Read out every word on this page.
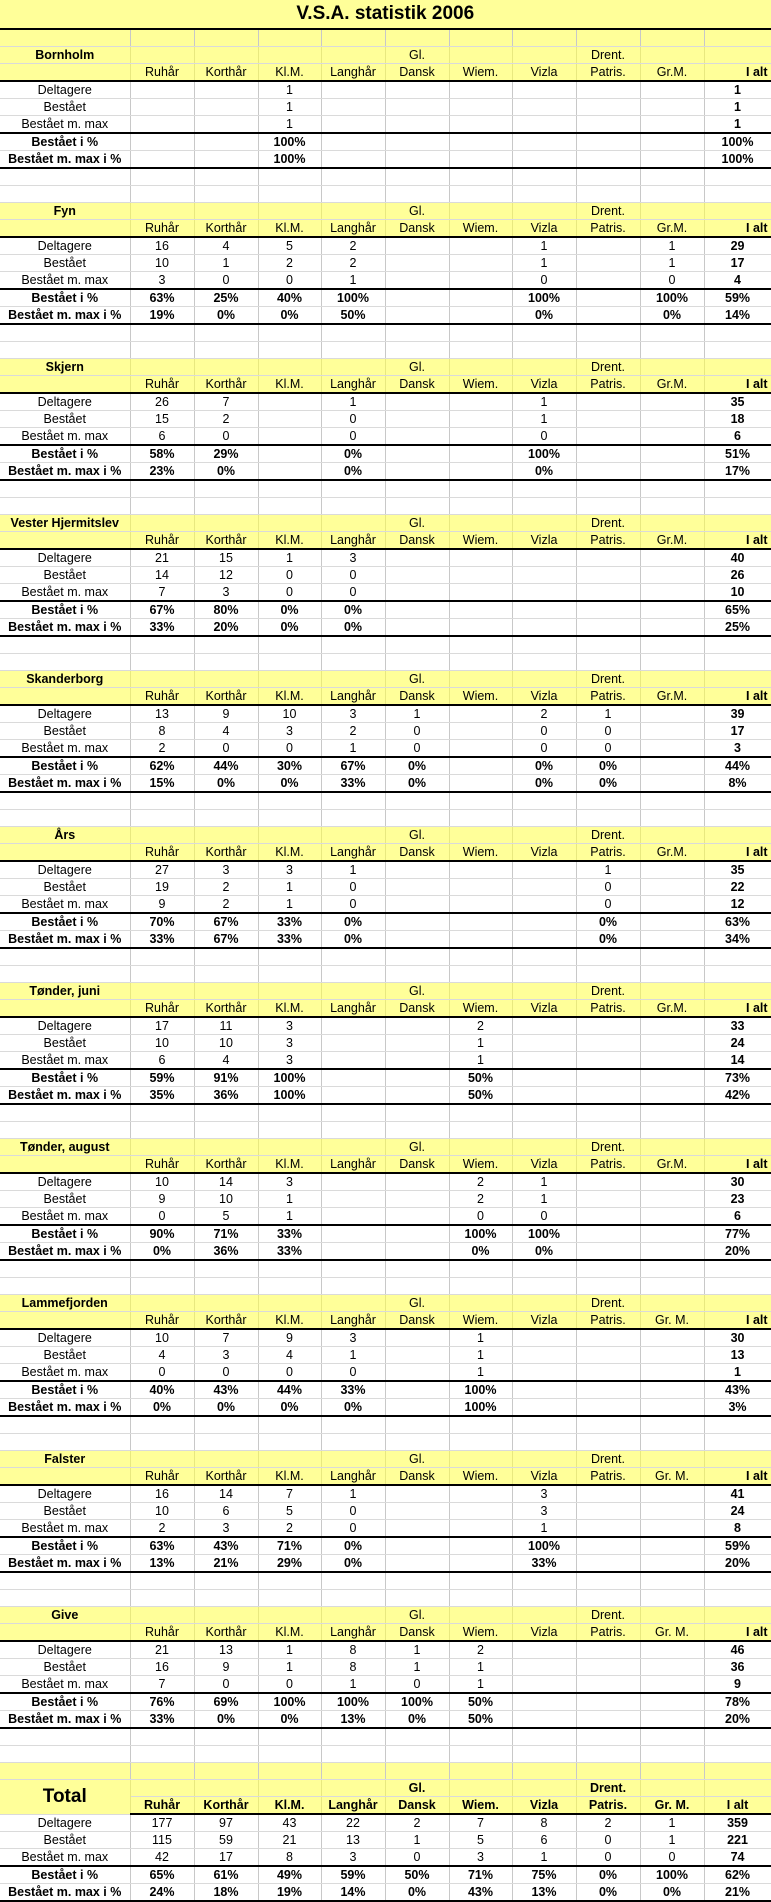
V.S.A. statistik 2006										

Bornholm					Gl.			Drent.		
	Ruhår	Korthår	Kl.M.	Langhår	Dansk	Wiem.	Vizla	Patris.	Gr.M.	I alt
Deltagere			1							1
Bestået			1							1
Bestået m. max			1							1
Bestået i %			100%							100%
Bestået m. max i %			100%							100%

Fyn					Gl.			Drent.		
	Ruhår	Korthår	Kl.M.	Langhår	Dansk	Wiem.	Vizla	Patris.	Gr.M.	I alt
Deltagere	16	4	5	2			1		1	29
Bestået	10	1	2	2			1		1	17
Bestået m. max	3	0	0	1			0		0	4
Bestået i %	63%	25%	40%	100%			100%		100%	59%
Bestået m. max i %	19%	0%	0%	50%			0%		0%	14%

Skjern					Gl.			Drent.		
	Ruhår	Korthår	Kl.M.	Langhår	Dansk	Wiem.	Vizla	Patris.	Gr.M.	I alt
Deltagere	26	7		1			1			35
Bestået	15	2		0			1			18
Bestået m. max	6	0		0			0			6
Bestået i %	58%	29%		0%			100%			51%
Bestået m. max i %	23%	0%		0%			0%			17%

Vester Hjermitslev					Gl.			Drent.		
	Ruhår	Korthår	Kl.M.	Langhår	Dansk	Wiem.	Vizla	Patris.	Gr.M.	I alt
Deltagere	21	15	1	3						40
Bestået	14	12	0	0						26
Bestået m. max	7	3	0	0						10
Bestået i %	67%	80%	0%	0%						65%
Bestået m. max i %	33%	20%	0%	0%						25%

Skanderborg					Gl.			Drent.		
	Ruhår	Korthår	Kl.M.	Langhår	Dansk	Wiem.	Vizla	Patris.	Gr.M.	I alt
Deltagere	13	9	10	3	1		2	1		39
Bestået	8	4	3	2	0		0	0		17
Bestået m. max	2	0	0	1	0		0	0		3
Bestået i %	62%	44%	30%	67%	0%		0%	0%		44%
Bestået m. max i %	15%	0%	0%	33%	0%		0%	0%		8%

Års					Gl.			Drent.		
	Ruhår	Korthår	Kl.M.	Langhår	Dansk	Wiem.	Vizla	Patris.	Gr.M.	I alt
Deltagere	27	3	3	1				1		35
Bestået	19	2	1	0				0		22
Bestået m. max	9	2	1	0				0		12
Bestået i %	70%	67%	33%	0%				0%		63%
Bestået m. max i %	33%	67%	33%	0%				0%		34%

Tønder, juni					Gl.			Drent.		
	Ruhår	Korthår	Kl.M.	Langhår	Dansk	Wiem.	Vizla	Patris.	Gr.M.	I alt
Deltagere	17	11	3			2				33
Bestået	10	10	3			1				24
Bestået m. max	6	4	3			1				14
Bestået i %	59%	91%	100%			50%				73%
Bestået m. max i %	35%	36%	100%			50%				42%

Tønder, august					Gl.			Drent.		
	Ruhår	Korthår	Kl.M.	Langhår	Dansk	Wiem.	Vizla	Patris.	Gr.M.	I alt
Deltagere	10	14	3			2	1			30
Bestået	9	10	1			2	1			23
Bestået m. max	0	5	1			0	0			6
Bestået i %	90%	71%	33%			100%	100%			77%
Bestået m. max i %	0%	36%	33%			0%	0%			20%

Lammefjorden					Gl.			Drent.		
	Ruhår	Korthår	Kl.M.	Langhår	Dansk	Wiem.	Vizla	Patris.	Gr. M.	I alt
Deltagere	10	7	9	3		1				30
Bestået	4	3	4	1		1				13
Bestået m. max	0	0	0	0		1				1
Bestået i %	40%	43%	44%	33%		100%				43%
Bestået m. max i %	0%	0%	0%	0%		100%				3%

Falster					Gl.			Drent.		
	Ruhår	Korthår	Kl.M.	Langhår	Dansk	Wiem.	Vizla	Patris.	Gr. M.	I alt
Deltagere	16	14	7	1			3			41
Bestået	10	6	5	0			3			24
Bestået m. max	2	3	2	0			1			8
Bestået i %	63%	43%	71%	0%			100%			59%
Bestået m. max i %	13%	21%	29%	0%			33%			20%

Give					Gl.			Drent.		
	Ruhår	Korthår	Kl.M.	Langhår	Dansk	Wiem.	Vizla	Patris.	Gr. M.	I alt
Deltagere	21	13	1	8	1	2				46
Bestået	16	9	1	8	1	1				36
Bestået m. max	7	0	0	1	0	1				9
Bestået i %	76%	69%	100%	100%	100%	50%				78%
Bestået m. max i %	33%	0%	0%	13%	0%	50%				20%

Total					Gl.			Drent.		
	Ruhår	Korthår	Kl.M.	Langhår	Dansk	Wiem.	Vizla	Patris.	Gr. M.	I alt
Deltagere	177	97	43	22	2	7	8	2	1	359
Bestået	115	59	21	13	1	5	6	0	1	221
Bestået m. max	42	17	8	3	0	3	1	0	0	74
Bestået i %	65%	61%	49%	59%	50%	71%	75%	0%	100%	62%
Bestået m. max i %	24%	18%	19%	14%	0%	43%	13%	0%	0%	21%
